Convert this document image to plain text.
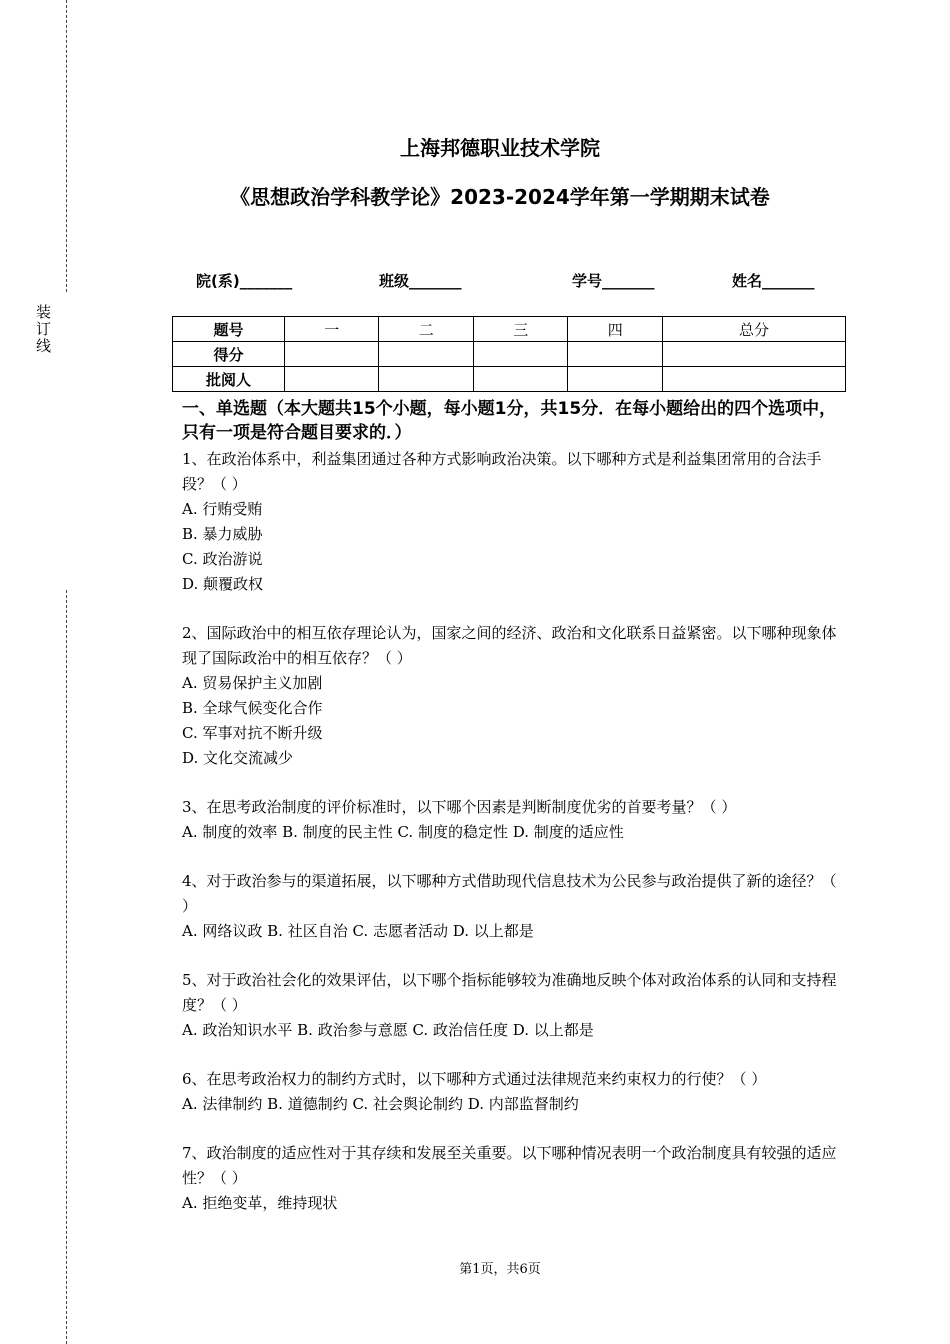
装订线
上海邦德职业技术学院
《思想政治学科教学论》2023-2024学年第一学期期末试卷
院(系)_______	班级_______	学号_______	姓名_______
题号	一	二	三	四	总分
得分					
批阅人					
一、单选题（本大题共15个小题，每小题1分，共15分．在每小题给出的四个选项中，只有一项是符合题目要求的．）

1、在政治体系中，利益集团通过各种方式影响政治决策。以下哪种方式是利益集团常用的合法手段？（ ）

A. 行贿受贿

B. 暴力威胁

C. 政治游说

D. 颠覆政权

2、国际政治中的相互依存理论认为，国家之间的经济、政治和文化联系日益紧密。以下哪种现象体现了国际政治中的相互依存？（ ）

A. 贸易保护主义加剧

B. 全球气候变化合作

C. 军事对抗不断升级

D. 文化交流减少

3、在思考政治制度的评价标准时，以下哪个因素是判断制度优劣的首要考量？（ ）

A. 制度的效率 B. 制度的民主性 C. 制度的稳定性 D. 制度的适应性

4、对于政治参与的渠道拓展，以下哪种方式借助现代信息技术为公民参与政治提供了新的途径？（ ）

A. 网络议政 B. 社区自治 C. 志愿者活动 D. 以上都是

5、对于政治社会化的效果评估，以下哪个指标能够较为准确地反映个体对政治体系的认同和支持程度？（ ）

A. 政治知识水平 B. 政治参与意愿 C. 政治信任度 D. 以上都是

6、在思考政治权力的制约方式时，以下哪种方式通过法律规范来约束权力的行使？（ ）

A. 法律制约 B. 道德制约 C. 社会舆论制约 D. 内部监督制约

7、政治制度的适应性对于其存续和发展至关重要。以下哪种情况表明一个政治制度具有较强的适应性？（ ）

A. 拒绝变革，维持现状

第1页，共6页
